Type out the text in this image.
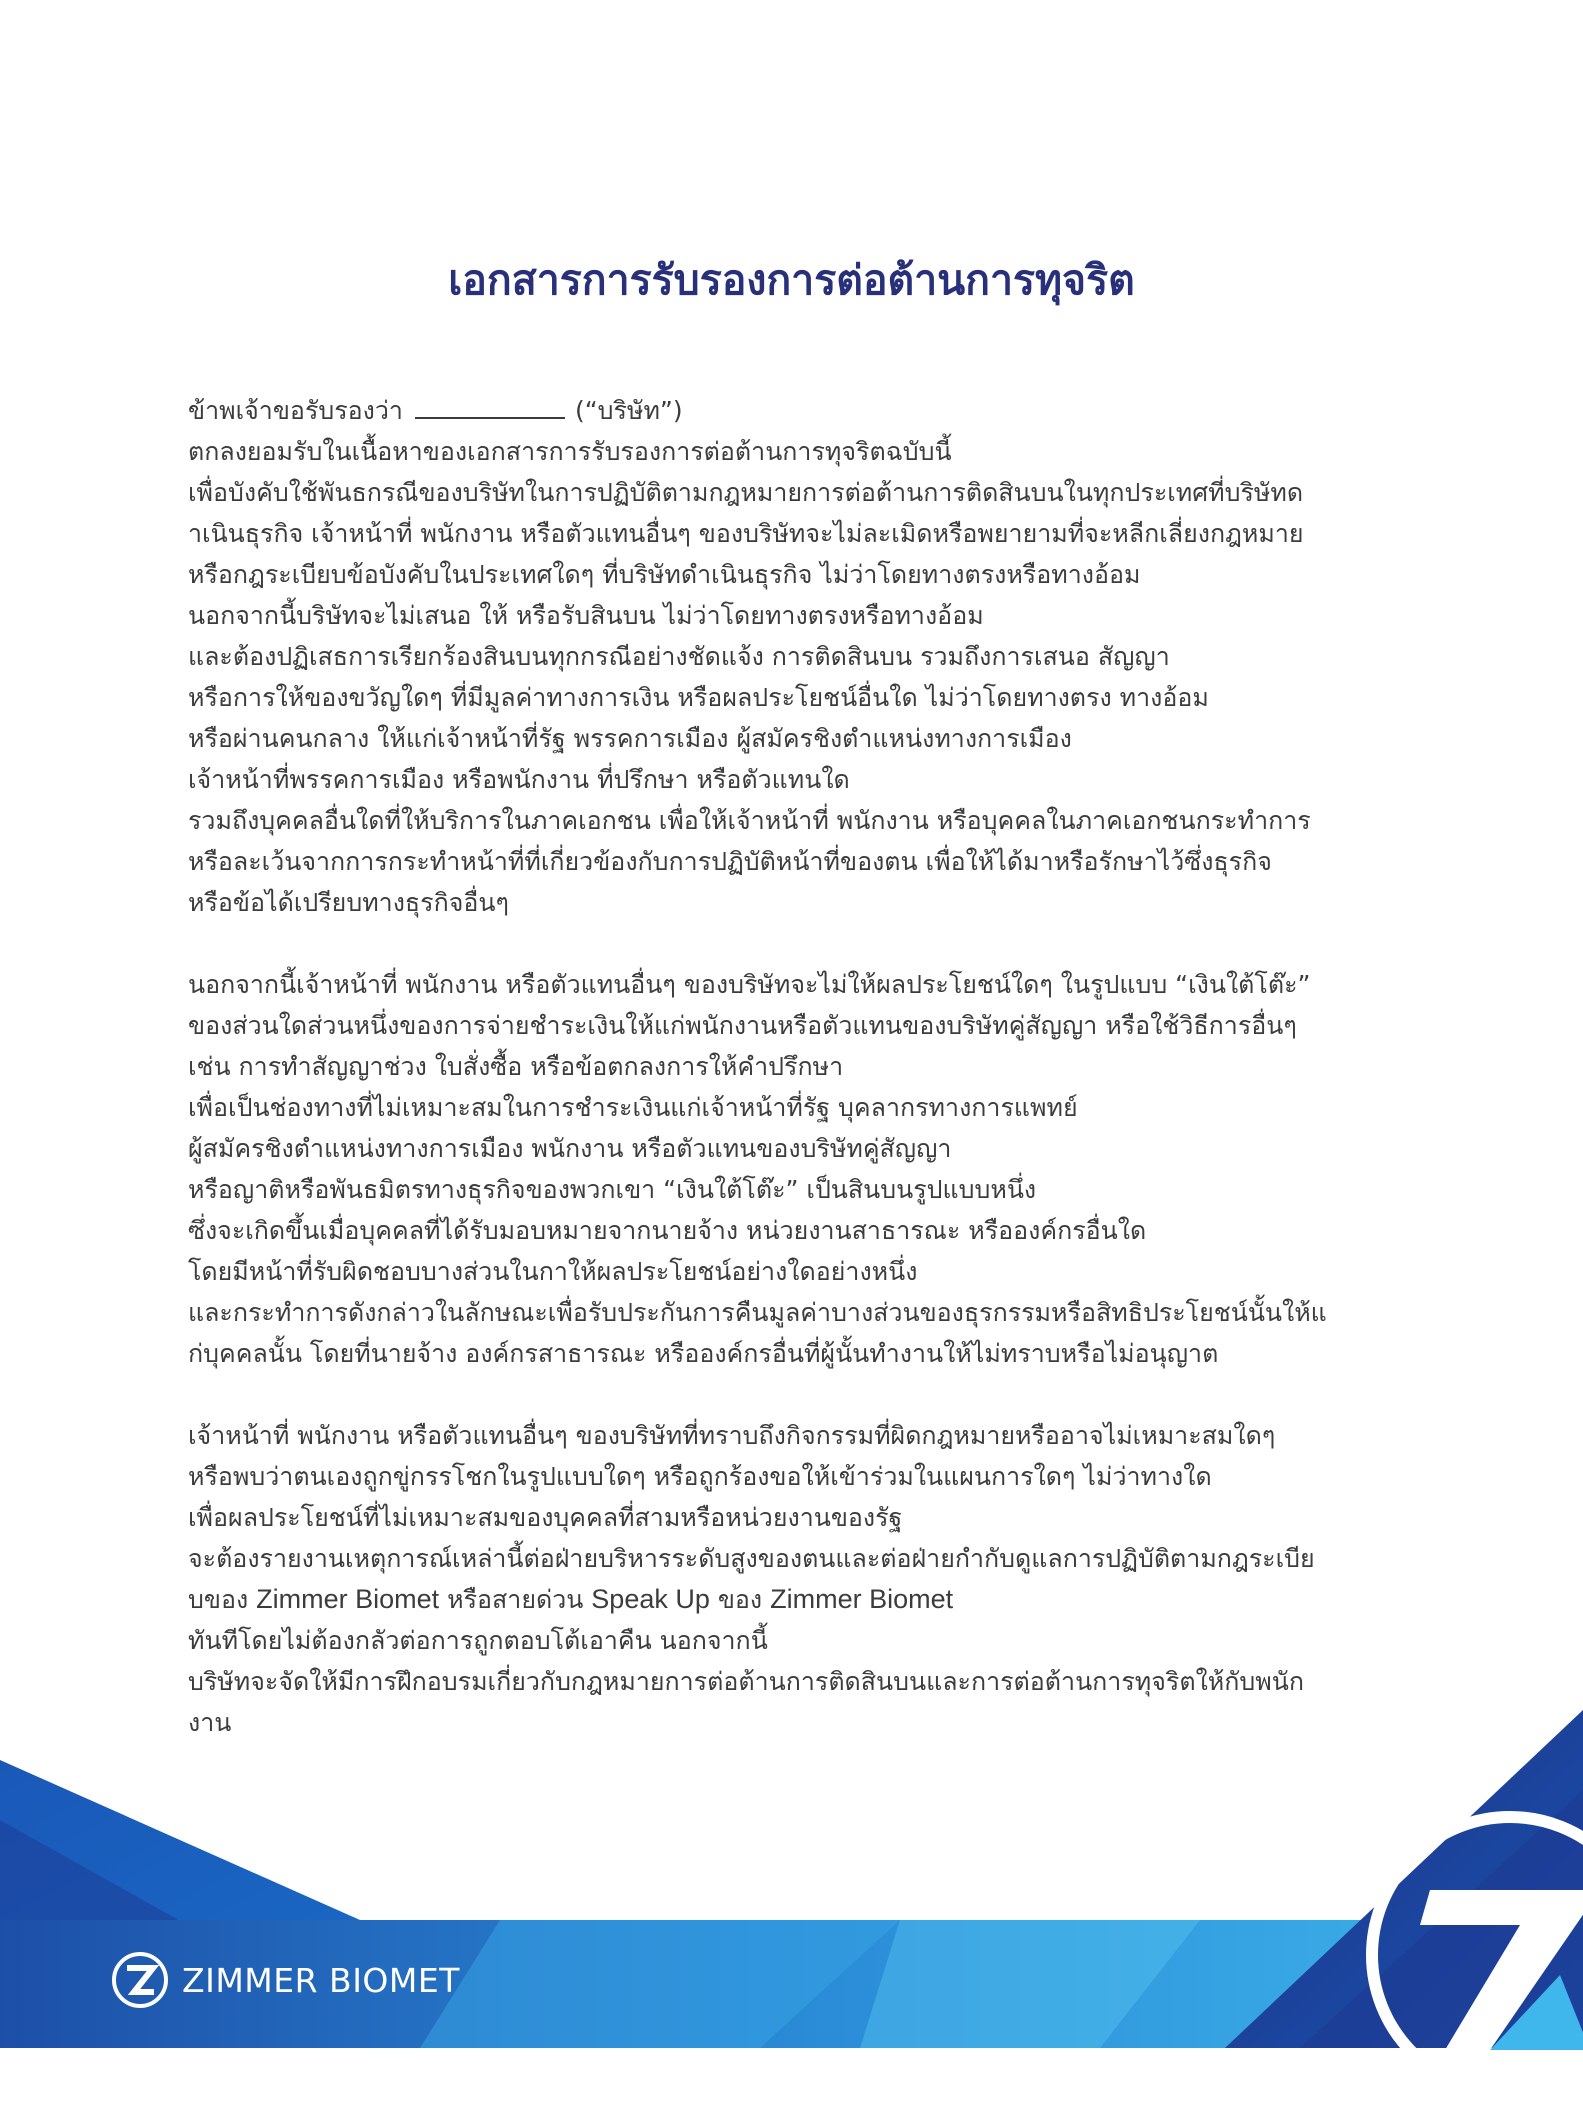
เอกสารการรับรองการต่อต้านการทุจริต
ข้าพเจ้าขอรับรองว่า	(“บริษัท”)
ตกลงยอมรับในเนื้อหาของเอกสารการรับรองการต่อต้านการทุจริตฉบับนี้
เพื่อบังคับใช้พันธกรณีของบริษัทในการปฏิบัติตามกฎหมายการต่อต้านการติดสินบนในทุกประเทศที่บริษัทด
าเนินธุรกิจ เจ้าหน้าที่ พนักงาน หรือตัวแทนอื่นๆ ของบริษัทจะไม่ละเมิดหรือพยายามที่จะหลีกเลี่ยงกฎหมาย
หรือกฎระเบียบข้อบังคับในประเทศใดๆ ที่บริษัทดำเนินธุรกิจ ไม่ว่าโดยทางตรงหรือทางอ้อม
นอกจากนี้บริษัทจะไม่เสนอ ให้ หรือรับสินบน ไม่ว่าโดยทางตรงหรือทางอ้อม
และต้องปฏิเสธการเรียกร้องสินบนทุกกรณีอย่างชัดแจ้ง การติดสินบน รวมถึงการเสนอ สัญญา
หรือการให้ของขวัญใดๆ ที่มีมูลค่าทางการเงิน หรือผลประโยชน์อื่นใด ไม่ว่าโดยทางตรง ทางอ้อม
หรือผ่านคนกลาง ให้แก่เจ้าหน้าที่รัฐ พรรคการเมือง ผู้สมัครชิงตำแหน่งทางการเมือง
เจ้าหน้าที่พรรคการเมือง หรือพนักงาน ที่ปรึกษา หรือตัวแทนใด
รวมถึงบุคคลอื่นใดที่ให้บริการในภาคเอกชน เพื่อให้เจ้าหน้าที่ พนักงาน หรือบุคคลในภาคเอกชนกระทำการ
หรือละเว้นจากการกระทำหน้าที่ที่เกี่ยวข้องกับการปฏิบัติหน้าที่ของตน เพื่อให้ได้มาหรือรักษาไว้ซึ่งธุรกิจ
หรือข้อได้เปรียบทางธุรกิจอื่นๆ
นอกจากนี้เจ้าหน้าที่ พนักงาน หรือตัวแทนอื่นๆ ของบริษัทจะไม่ให้ผลประโยชน์ใดๆ ในรูปแบบ “เงินใต้โต๊ะ”
ของส่วนใดส่วนหนึ่งของการจ่ายชำระเงินให้แก่พนักงานหรือตัวแทนของบริษัทคู่สัญญา หรือใช้วิธีการอื่นๆ
เช่น การทำสัญญาช่วง ใบสั่งซื้อ หรือข้อตกลงการให้คำปรึกษา
เพื่อเป็นช่องทางที่ไม่เหมาะสมในการชำระเงินแก่เจ้าหน้าที่รัฐ บุคลากรทางการแพทย์
ผู้สมัครชิงตำแหน่งทางการเมือง พนักงาน หรือตัวแทนของบริษัทคู่สัญญา
หรือญาติหรือพันธมิตรทางธุรกิจของพวกเขา “เงินใต้โต๊ะ” เป็นสินบนรูปแบบหนึ่ง
ซึ่งจะเกิดขึ้นเมื่อบุคคลที่ได้รับมอบหมายจากนายจ้าง หน่วยงานสาธารณะ หรือองค์กรอื่นใด
โดยมีหน้าที่รับผิดชอบบางส่วนในกาให้ผลประโยชน์อย่างใดอย่างหนึ่ง
และกระทำการดังกล่าวในลักษณะเพื่อรับประกันการคืนมูลค่าบางส่วนของธุรกรรมหรือสิทธิประโยชน์นั้นให้แ
ก่บุคคลนั้น โดยที่นายจ้าง องค์กรสาธารณะ หรือองค์กรอื่นที่ผู้นั้นทำงานให้ไม่ทราบหรือไม่อนุญาต
เจ้าหน้าที่ พนักงาน หรือตัวแทนอื่นๆ ของบริษัทที่ทราบถึงกิจกรรมที่ผิดกฎหมายหรืออาจไม่เหมาะสมใดๆ
หรือพบว่าตนเองถูกขู่กรรโชกในรูปแบบใดๆ หรือถูกร้องขอให้เข้าร่วมในแผนการใดๆ ไม่ว่าทางใด
เพื่อผลประโยชน์ที่ไม่เหมาะสมของบุคคลที่สามหรือหน่วยงานของรัฐ
จะต้องรายงานเหตุการณ์เหล่านี้ต่อฝ่ายบริหารระดับสูงของตนและต่อฝ่ายกำกับดูแลการปฏิบัติตามกฎระเบีย
บของ Zimmer Biomet หรือสายด่วน Speak Up ของ Zimmer Biomet
ทันทีโดยไม่ต้องกลัวต่อการถูกตอบโต้เอาคืน นอกจากนี้
บริษัทจะจัดให้มีการฝึกอบรมเกี่ยวกับกฎหมายการต่อต้านการติดสินบนและการต่อต้านการทุจริตให้กับพนัก
งาน
ZIMMER BIOMET
